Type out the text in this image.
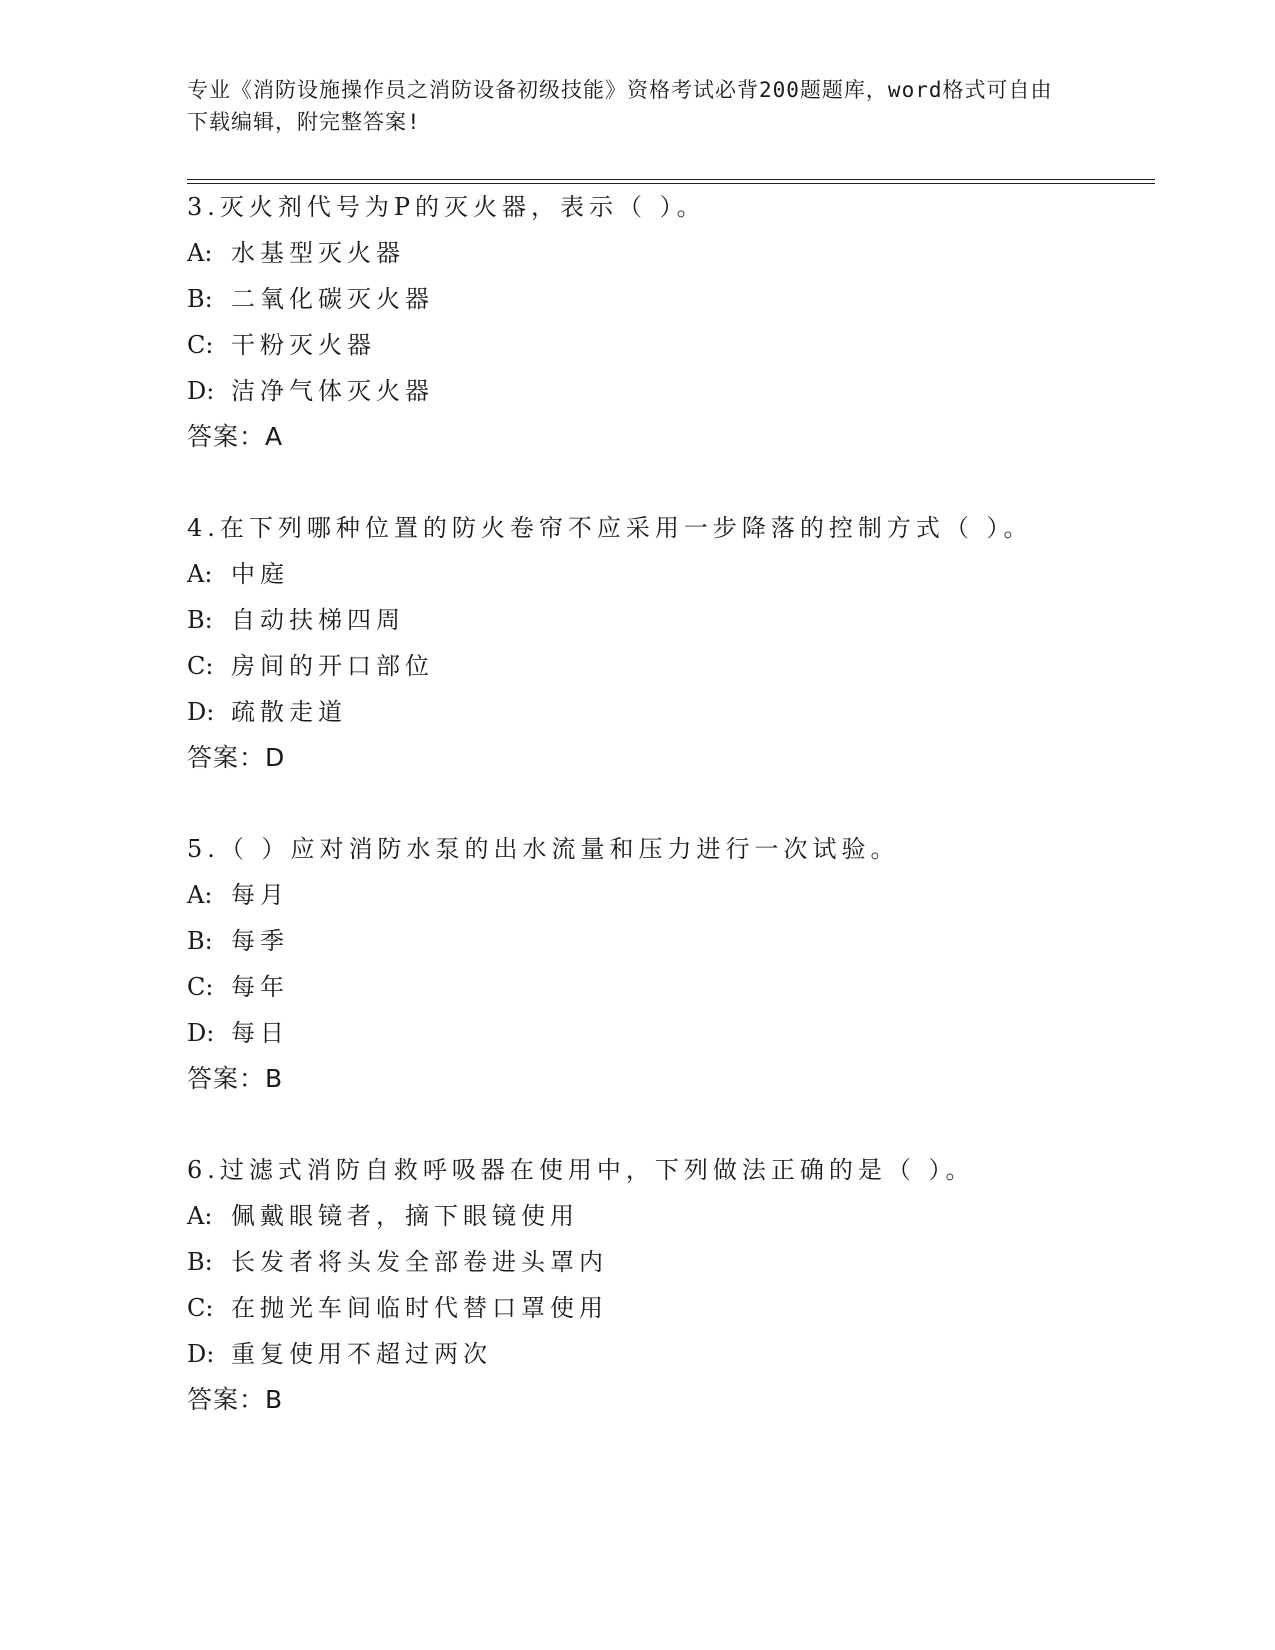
专业《消防设施操作员之消防设备初级技能》资格考试必背200题题库，word格式可自由下载编辑，附完整答案!
3.灭火剂代号为P的灭火器，表示（ ）。
A: 水基型灭火器
B: 二氧化碳灭火器
C: 干粉灭火器
D: 洁净气体灭火器
答案：A
4.在下列哪种位置的防火卷帘不应采用一步降落的控制方式（ ）。
A: 中庭
B: 自动扶梯四周
C: 房间的开口部位
D: 疏散走道
答案：D
5.（ ）应对消防水泵的出水流量和压力进行一次试验。
A: 每月
B: 每季
C: 每年
D: 每日
答案：B
6.过滤式消防自救呼吸器在使用中，下列做法正确的是（ ）。
A: 佩戴眼镜者，摘下眼镜使用
B: 长发者将头发全部卷进头罩内
C: 在抛光车间临时代替口罩使用
D: 重复使用不超过两次
答案：B
